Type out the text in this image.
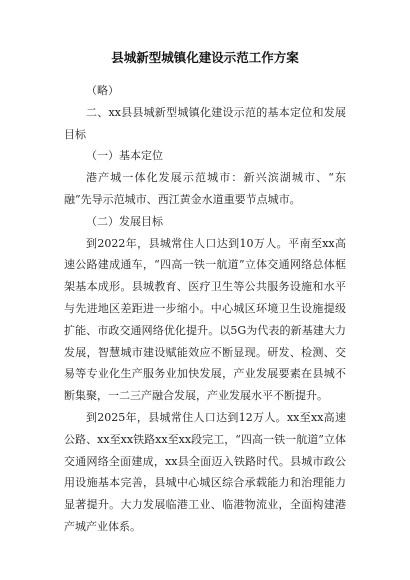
县城新型城镇化建设示范工作方案

（略）

二、xx县县城新型城镇化建设示范的基本定位和发展目标

（一）基本定位

港产城一体化发展示范城市：新兴滨湖城市、“东融”先导示范城市、西江黄金水道重要节点城市。

（二）发展目标

到2022年，县城常住人口达到10万人。平南至xx高速公路建成通车，“四高一铁一航道”立体交通网络总体框架基本成形。县城教育、医疗卫生等公共服务设施和水平与先进地区差距进一步缩小。中心城区环境卫生设施提级扩能、市政交通网络优化提升。以5G为代表的新基建大力发展，智慧城市建设赋能效应不断显现。研发、检测、交易等专业化生产服务业加快发展，产业发展要素在县城不断集聚，一二三产融合发展，产业发展水平不断提升。

到2025年，县城常住人口达到12万人。xx至xx高速公路、xx至xx铁路xx至xx段完工，“四高一铁一航道”立体交通网络全面建成，xx县全面迈入铁路时代。县城市政公用设施基本完善，县城中心城区综合承载能力和治理能力显著提升。大力发展临港工业、临港物流业，全面构建港产城产业体系。
